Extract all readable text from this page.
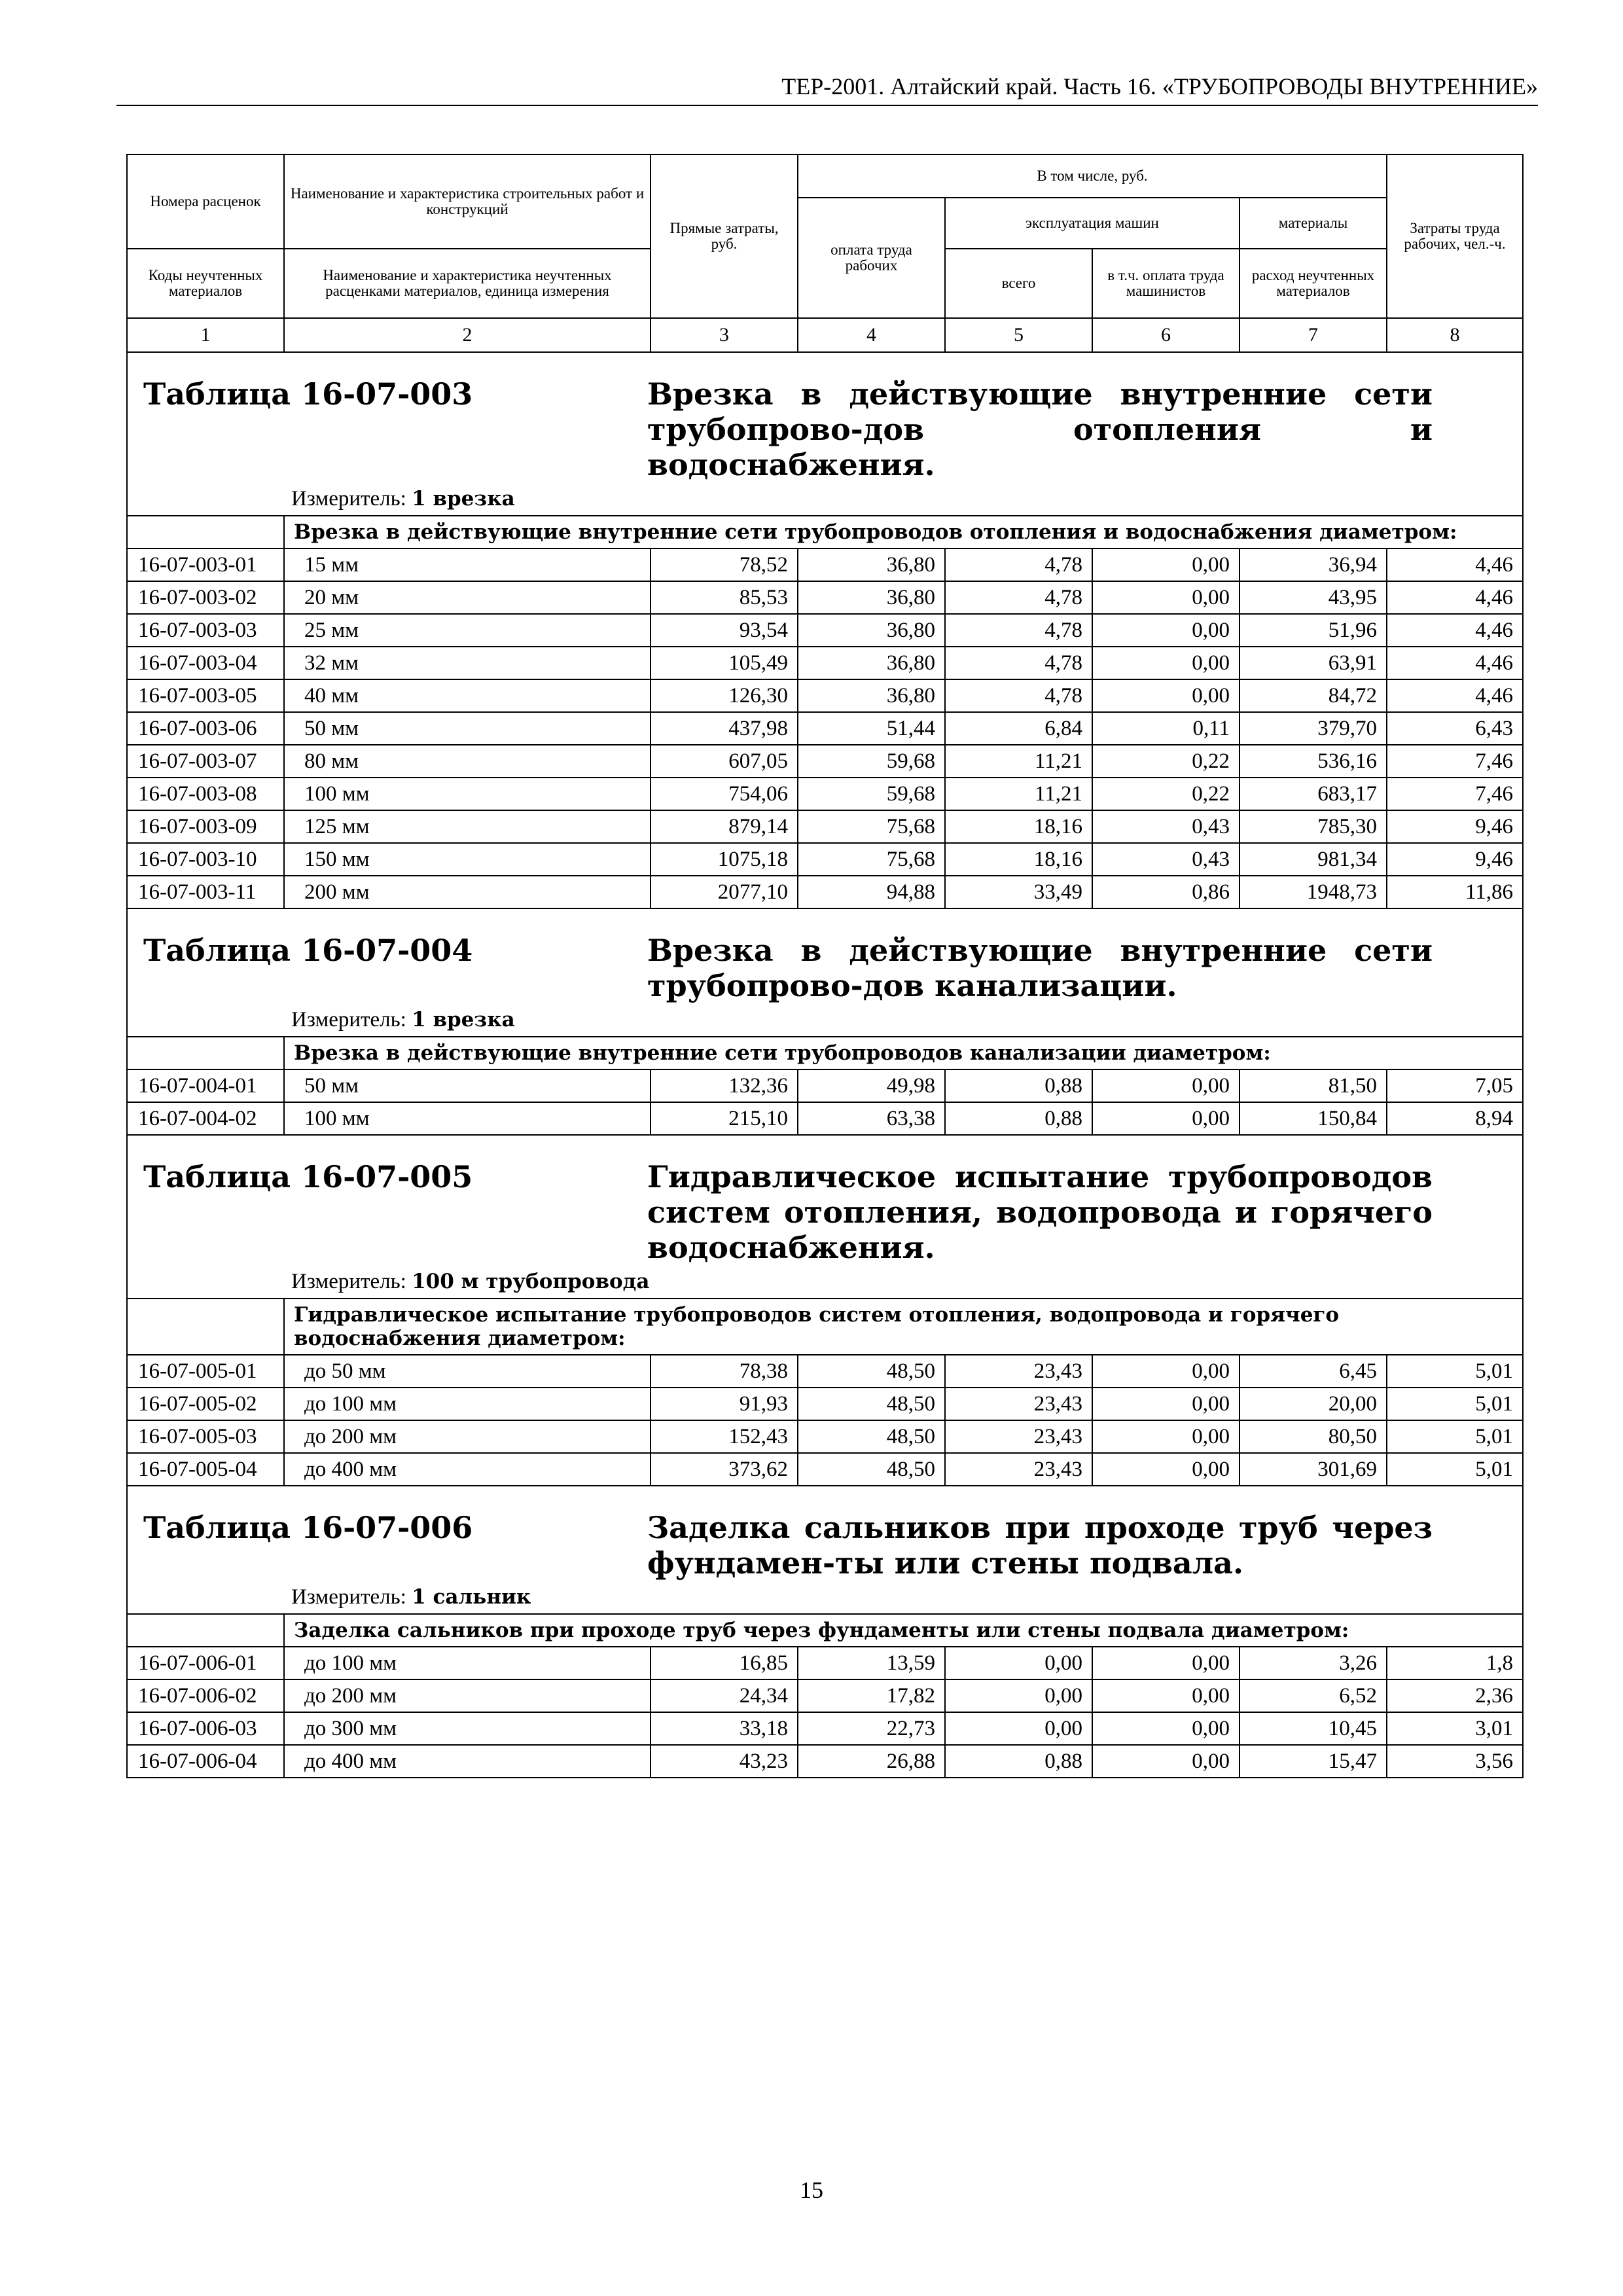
ТЕР-2001. Алтайский край. Часть 16. «ТРУБОПРОВОДЫ ВНУТРЕННИЕ»
Номера расценок	Наименование и характеристика строительных работ и конструкций	Прямые затраты, руб.	В том числе, руб.				Затраты труда рабочих, чел.-ч.
			оплата труда рабочих	эксплуатация машин		материалы	
Коды неучтенных материалов	Наименование и характеристика неучтенных расценками материалов, единица измерения			всего	в т.ч. оплата труда машинистов	расход неучтенных материалов	
1	2	3	4	5	6	7	8

Таблица 16-07-003 Врезка в действующие внутренние сети трубопрово-дов отопления и водоснабжения.							

Измеритель: 1 врезка							

	Врезка в действующие внутренние сети трубопроводов отопления и водоснабжения диаметром:						
16-07-003-01	15 мм	78,52	36,80	4,78	0,00	36,94	4,46
16-07-003-02	20 мм	85,53	36,80	4,78	0,00	43,95	4,46
16-07-003-03	25 мм	93,54	36,80	4,78	0,00	51,96	4,46
16-07-003-04	32 мм	105,49	36,80	4,78	0,00	63,91	4,46
16-07-003-05	40 мм	126,30	36,80	4,78	0,00	84,72	4,46
16-07-003-06	50 мм	437,98	51,44	6,84	0,11	379,70	6,43
16-07-003-07	80 мм	607,05	59,68	11,21	0,22	536,16	7,46
16-07-003-08	100 мм	754,06	59,68	11,21	0,22	683,17	7,46
16-07-003-09	125 мм	879,14	75,68	18,16	0,43	785,30	9,46
16-07-003-10	150 мм	1075,18	75,68	18,16	0,43	981,34	9,46
16-07-003-11	200 мм	2077,10	94,88	33,49	0,86	1948,73	11,86

Таблица 16-07-004 Врезка в действующие внутренние сети трубопрово-дов канализации.							

Измеритель: 1 врезка							

	Врезка в действующие внутренние сети трубопроводов канализации диаметром:						
16-07-004-01	50 мм	132,36	49,98	0,88	0,00	81,50	7,05
16-07-004-02	100 мм	215,10	63,38	0,88	0,00	150,84	8,94

Таблица 16-07-005 Гидравлическое испытание трубопроводов систем отопления, водопровода и горячего водоснабжения.							

Измеритель: 100 м трубопровода							

	Гидравлическое испытание трубопроводов систем отопления, водопровода и горячего водоснабжения диаметром:						
16-07-005-01	до 50 мм	78,38	48,50	23,43	0,00	6,45	5,01
16-07-005-02	до 100 мм	91,93	48,50	23,43	0,00	20,00	5,01
16-07-005-03	до 200 мм	152,43	48,50	23,43	0,00	80,50	5,01
16-07-005-04	до 400 мм	373,62	48,50	23,43	0,00	301,69	5,01

Таблица 16-07-006 Заделка сальников при проходе труб через фундамен-ты или стены подвала.							

Измеритель: 1 сальник							

	Заделка сальников при проходе труб через фундаменты или стены подвала диаметром:						
16-07-006-01	до 100 мм	16,85	13,59	0,00	0,00	3,26	1,8
16-07-006-02	до 200 мм	24,34	17,82	0,00	0,00	6,52	2,36
16-07-006-03	до 300 мм	33,18	22,73	0,00	0,00	10,45	3,01
16-07-006-04	до 400 мм	43,23	26,88	0,88	0,00	15,47	3,56
15
